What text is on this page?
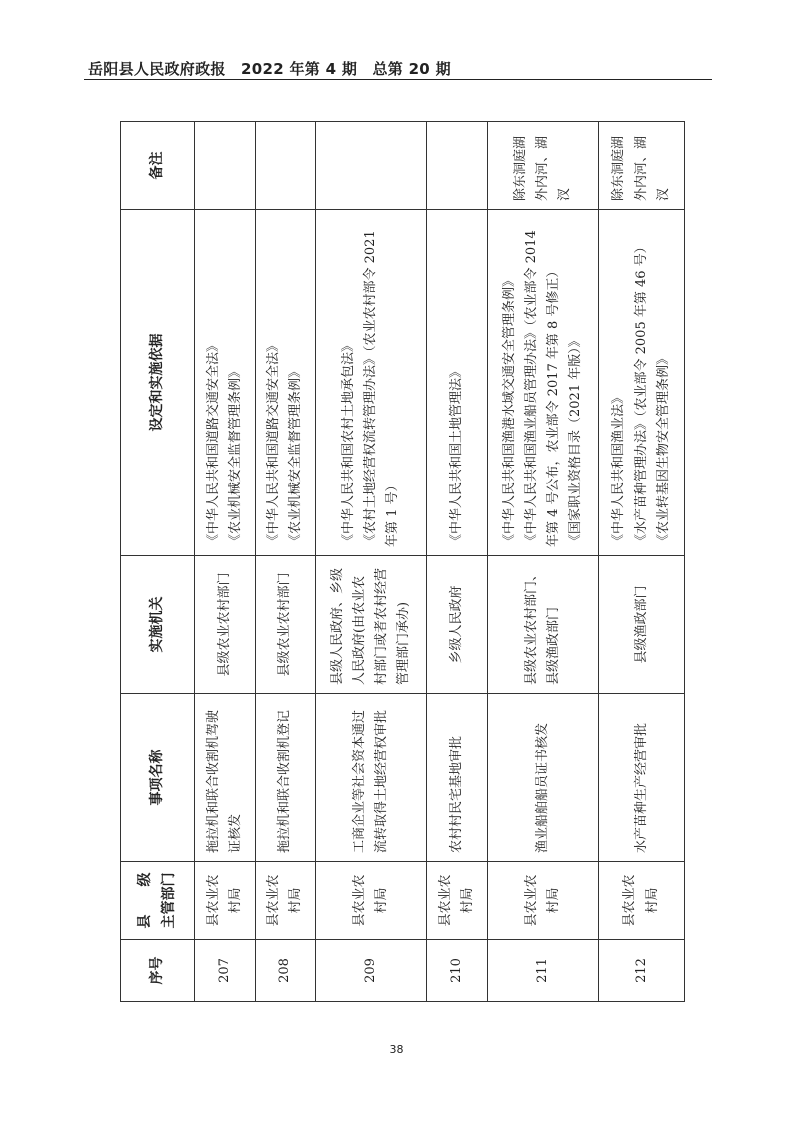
岳阳县人民政府政报　2022 年第 4 期　总第 20 期
序号	县　　级 主管部门	事项名称	实施机关	设定和实施依据	备注
207	县农业农村局	拖拉机和联合收割机驾驶证核发	县级农业农村部门	《中华人民共和国道路交通安全法》 《农业机械安全监督管理条例》	

208	县农业农村局	拖拉机和联合收割机登记	县级农业农村部门	《中华人民共和国道路交通安全法》 《农业机械安全监督管理条例》	

209	县农业农村局	工商企业等社会资本通过流转取得土地经营权审批	县级人民政府、乡级人民政府(由农业农村部门或者农村经营管理部门承办)	《中华人民共和国农村土地承包法》 《农村土地经营权流转管理办法》（农业农村部令 2021 年第 1 号）	

210	县农业农村局	农村村民宅基地审批	乡级人民政府	《中华人民共和国土地管理法》	

211	县农业农村局	渔业船舶船员证书核发	县级农业农村部门、县级渔政部门	《中华人民共和国渔港水域交通安全管理条例》 《中华人民共和国渔业船员管理办法》（农业部令 2014 年第 4 号公布，农业部令 2017 年第 8 号修正） 《国家职业资格目录（2021 年版）》	除东洞庭湖外内河、湖汊
212	县农业农村局	水产苗种生产经营审批	县级渔政部门	《中华人民共和国渔业法》 《水产苗种管理办法》（农业部令 2005 年第 46 号） 《农业转基因生物安全管理条例》	除东洞庭湖外内河、湖汊
38
